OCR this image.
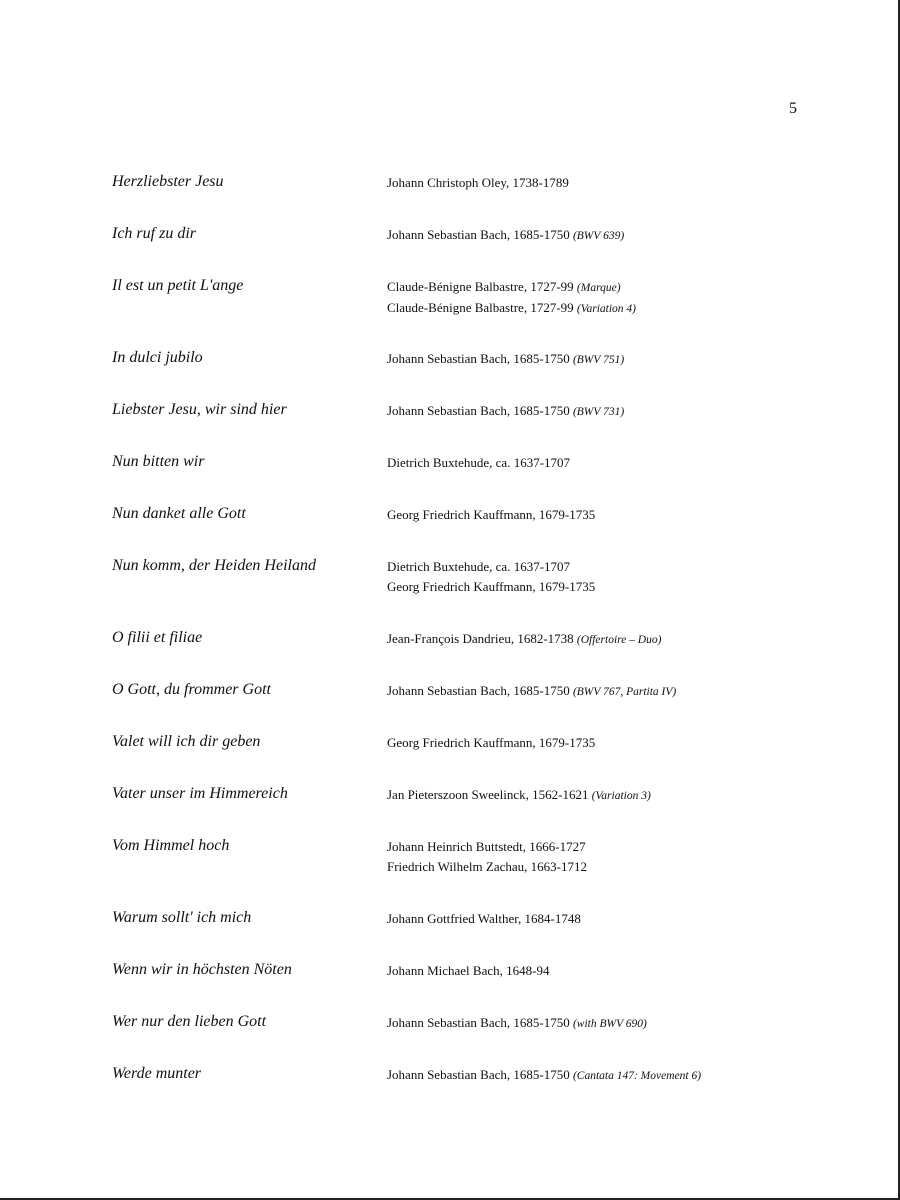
5
Herzliebster Jesu	Johann Christoph Oley, 1738-1789
Ich ruf zu dir	Johann Sebastian Bach, 1685-1750 (BWV 639)
Il est un petit L'ange	Claude-Bénigne Balbastre, 1727-99 (Marque)
Claude-Bénigne Balbastre, 1727-99 (Variation 4)
In dulci jubilo	Johann Sebastian Bach, 1685-1750 (BWV 751)
Liebster Jesu, wir sind hier	Johann Sebastian Bach, 1685-1750 (BWV 731)
Nun bitten wir	Dietrich Buxtehude, ca. 1637-1707
Nun danket alle Gott	Georg Friedrich Kauffmann, 1679-1735
Nun komm, der Heiden Heiland	Dietrich Buxtehude, ca. 1637-1707
Georg Friedrich Kauffmann, 1679-1735
O filii et filiae	Jean-François Dandrieu, 1682-1738 (Offertoire – Duo)
O Gott, du frommer Gott	Johann Sebastian Bach, 1685-1750 (BWV 767, Partita IV)
Valet will ich dir geben	Georg Friedrich Kauffmann, 1679-1735
Vater unser im Himmereich	Jan Pieterszoon Sweelinck, 1562-1621 (Variation 3)
Vom Himmel hoch	Johann Heinrich Buttstedt, 1666-1727
Friedrich Wilhelm Zachau, 1663-1712
Warum sollt' ich mich	Johann Gottfried Walther, 1684-1748
Wenn wir in höchsten Nöten	Johann Michael Bach, 1648-94
Wer nur den lieben Gott	Johann Sebastian Bach, 1685-1750 (with BWV 690)
Werde munter	Johann Sebastian Bach, 1685-1750 (Cantata 147: Movement 6)
